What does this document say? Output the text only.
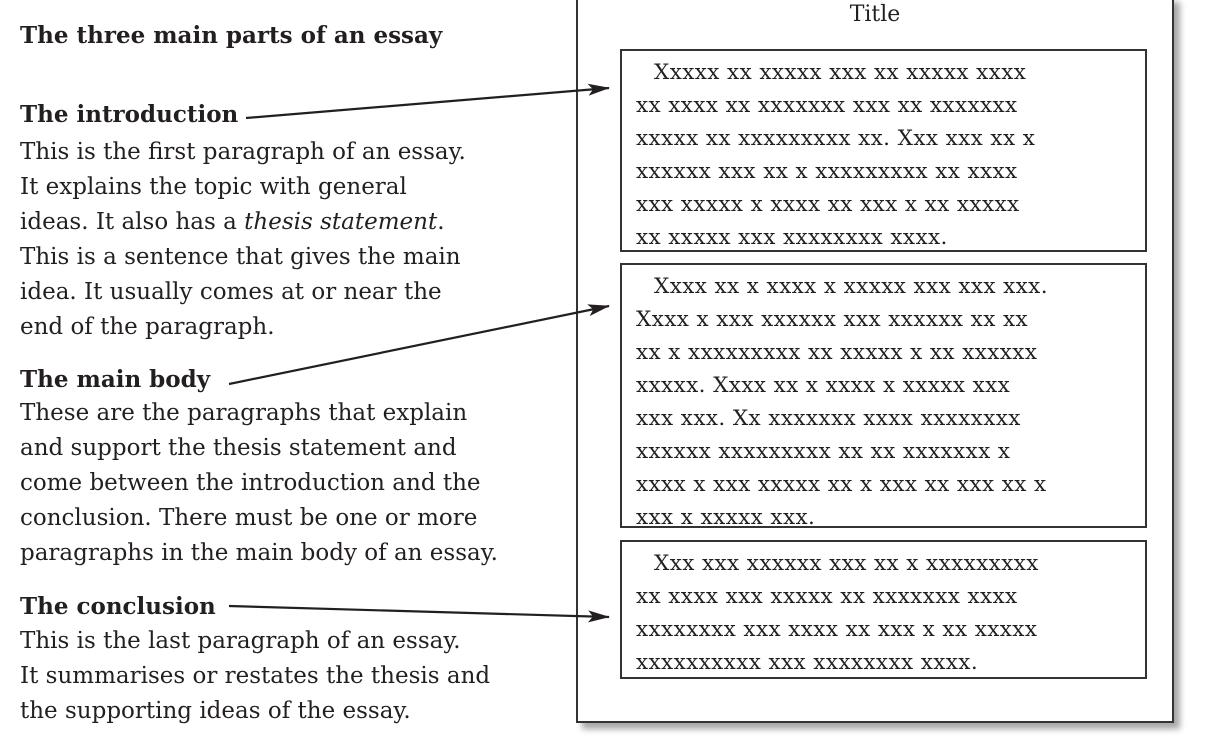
The three main parts of an essay
The introduction
This is the first paragraph of an essay.
It explains the topic with general
ideas. It also has a thesis statement.
This is a sentence that gives the main
idea. It usually comes at or near the
end of the paragraph.
The main body
These are the paragraphs that explain
and support the thesis statement and
come between the introduction and the
conclusion. There must be one or more
paragraphs in the main body of an essay.
The conclusion
This is the last paragraph of an essay.
It summarises or restates the thesis and
the supporting ideas of the essay.
Title
Xxxxx xx xxxxx xxx xx xxxxx xxxx
xx xxxx xx xxxxxxx xxx xx xxxxxxx
xxxxx xx xxxxxxxxx xx. Xxx xxx xx x
xxxxxx xxx xx x xxxxxxxxx xx xxxx
xxx xxxxx x xxxx xx xxx x xx xxxxx
xx xxxxx xxx xxxxxxxx xxxx.
Xxxx xx x xxxx x xxxxx xxx xxx xxx.
Xxxx x xxx xxxxxx xxx xxxxxx xx xx
xx x xxxxxxxxx xx xxxxx x xx xxxxxx
xxxxx. Xxxx xx x xxxx x xxxxx xxx
xxx xxx. Xx xxxxxxx xxxx xxxxxxxx
xxxxxx xxxxxxxxx xx xx xxxxxxx x
xxxx x xxx xxxxx xx x xxx xx xxx xx x
xxx x xxxxx xxx.
Xxx xxx xxxxxx xxx xx x xxxxxxxxx
xx xxxx xxx xxxxx xx xxxxxxx xxxx
xxxxxxxx xxx xxxx xx xxx x xx xxxxx
xxxxxxxxxx xxx xxxxxxxx xxxx.
